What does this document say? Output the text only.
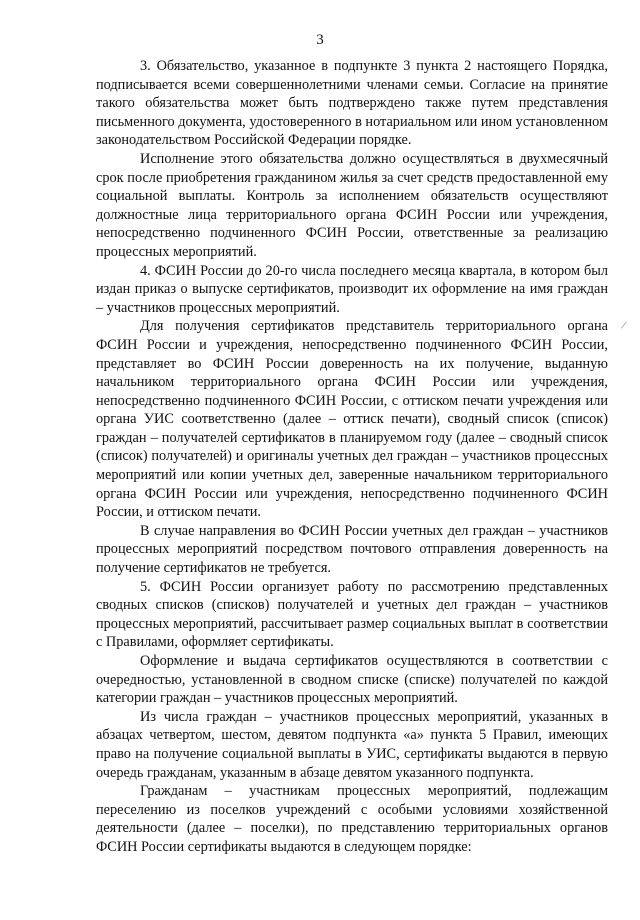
3

3. Обязательство, указанное в подпункте 3 пункта 2 настоящего Порядка, подписывается всеми совершеннолетними членами семьи. Согласие на принятие такого обязательства может быть подтверждено также путем представления письменного документа, удостоверенного в нотариальном или ином установленном законодательством Российской Федерации порядке.

Исполнение этого обязательства должно осуществляться в двухмесячный срок после приобретения гражданином жилья за счет средств предоставленной ему социальной выплаты. Контроль за исполнением обязательств осуществляют должностные лица территориального органа ФСИН России или учреждения, непосредственно подчиненного ФСИН России, ответственные за реализацию процессных мероприятий.

4. ФСИН России до 20-го числа последнего месяца квартала, в котором был издан приказ о выпуске сертификатов, производит их оформление на имя граждан – участников процессных мероприятий.

Для получения сертификатов представитель территориального органа ФСИН России и учреждения, непосредственно подчиненного ФСИН России, представляет во ФСИН России доверенность на их получение, выданную начальником территориального органа ФСИН России или учреждения, непосредственно подчиненного ФСИН России, с оттиском печати учреждения или органа УИС соответственно (далее – оттиск печати), сводный список (список) граждан – получателей сертификатов в планируемом году (далее – сводный список (список) получателей) и оригиналы учетных дел граждан – участников процессных мероприятий или копии учетных дел, заверенные начальником территориального органа ФСИН России или учреждения, непосредственно подчиненного ФСИН России, и оттиском печати.

В случае направления во ФСИН России учетных дел граждан – участников процессных мероприятий посредством почтового отправления доверенность на получение сертификатов не требуется.

5. ФСИН России организует работу по рассмотрению представленных сводных списков (списков) получателей и учетных дел граждан – участников процессных мероприятий, рассчитывает размер социальных выплат в соответствии с Правилами, оформляет сертификаты.

Оформление и выдача сертификатов осуществляются в соответствии с очередностью, установленной в сводном списке (списке) получателей по каждой категории граждан – участников процессных мероприятий.

Из числа граждан – участников процессных мероприятий, указанных в абзацах четвертом, шестом, девятом подпункта «а» пункта 5 Правил, имеющих право на получение социальной выплаты в УИС, сертификаты выдаются в первую очередь гражданам, указанным в абзаце девятом указанного подпункта.

Гражданам – участникам процессных мероприятий, подлежащим переселению из поселков учреждений с особыми условиями хозяйственной деятельности (далее – поселки), по представлению территориальных органов ФСИН России сертификаты выдаются в следующем порядке:

/
